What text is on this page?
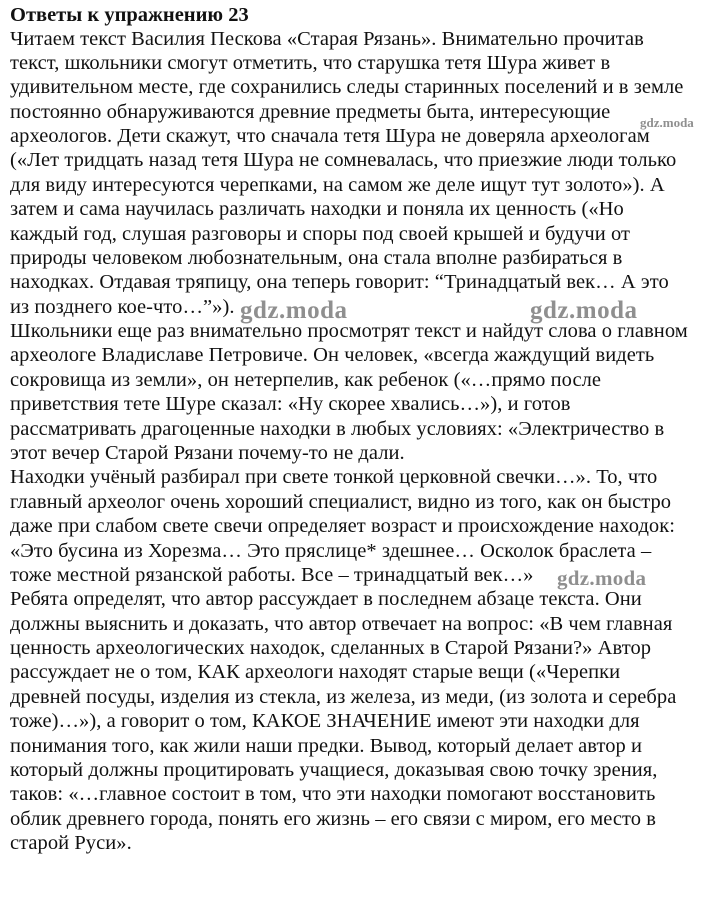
Ответы к упражнению 23
Читаем текст Василия Пескова «Старая Рязань». Внимательно прочитав
текст, школьники смогут отметить, что старушка тетя Шура живет в
удивительном месте, где сохранились следы старинных поселений и в земле
постоянно обнаруживаются древние предметы быта, интересующие
археологов. Дети скажут, что сначала тетя Шура не доверяла археологам
(«Лет тридцать назад тетя Шура не сомневалась, что приезжие люди только
для виду интересуются черепками, на самом же деле ищут тут золото»). А
затем и сама научилась различать находки и поняла их ценность («Но
каждый год, слушая разговоры и споры под своей крышей и будучи от
природы человеком любознательным, она стала вполне разбираться в
находках. Отдавая тряпицу, она теперь говорит: “Тринадцатый век… А это
из позднего кое-что…”»).
Школьники еще раз внимательно просмотрят текст и найдут слова о главном
археологе Владиславе Петровиче. Он человек, «всегда жаждущий видеть
сокровища из земли», он нетерпелив, как ребенок («…прямо после
приветствия тете Шуре сказал: «Ну скорее хвались…»), и готов
рассматривать драгоценные находки в любых условиях: «Электричество в
этот вечер Старой Рязани почему-то не дали.
Находки учёный разбирал при свете тонкой церковной свечки…». То, что
главный археолог очень хороший специалист, видно из того, как он быстро
даже при слабом свете свечи определяет возраст и происхождение находок:
«Это бусина из Хорезма… Это пряслице* здешнее… Осколок браслета –
тоже местной рязанской работы. Все – тринадцатый век…»
Ребята определят, что автор рассуждает в последнем абзаце текста. Они
должны выяснить и доказать, что автор отвечает на вопрос: «В чем главная
ценность археологических находок, сделанных в Старой Рязани?» Автор
рассуждает не о том, КАК археологи находят старые вещи («Черепки
древней посуды, изделия из стекла, из железа, из меди, (из золота и серебра
тоже)…»), а говорит о том, КАКОЕ ЗНАЧЕНИЕ имеют эти находки для
понимания того, как жили наши предки. Вывод, который делает автор и
который должны процитировать учащиеся, доказывая свою точку зрения,
таков: «…главное состоит в том, что эти находки помогают восстановить
облик древнего города, понять его жизнь – его связи с миром, его место в
старой Руси».
gdz.moda
gdz.moda	gdz.moda
gdz.moda
